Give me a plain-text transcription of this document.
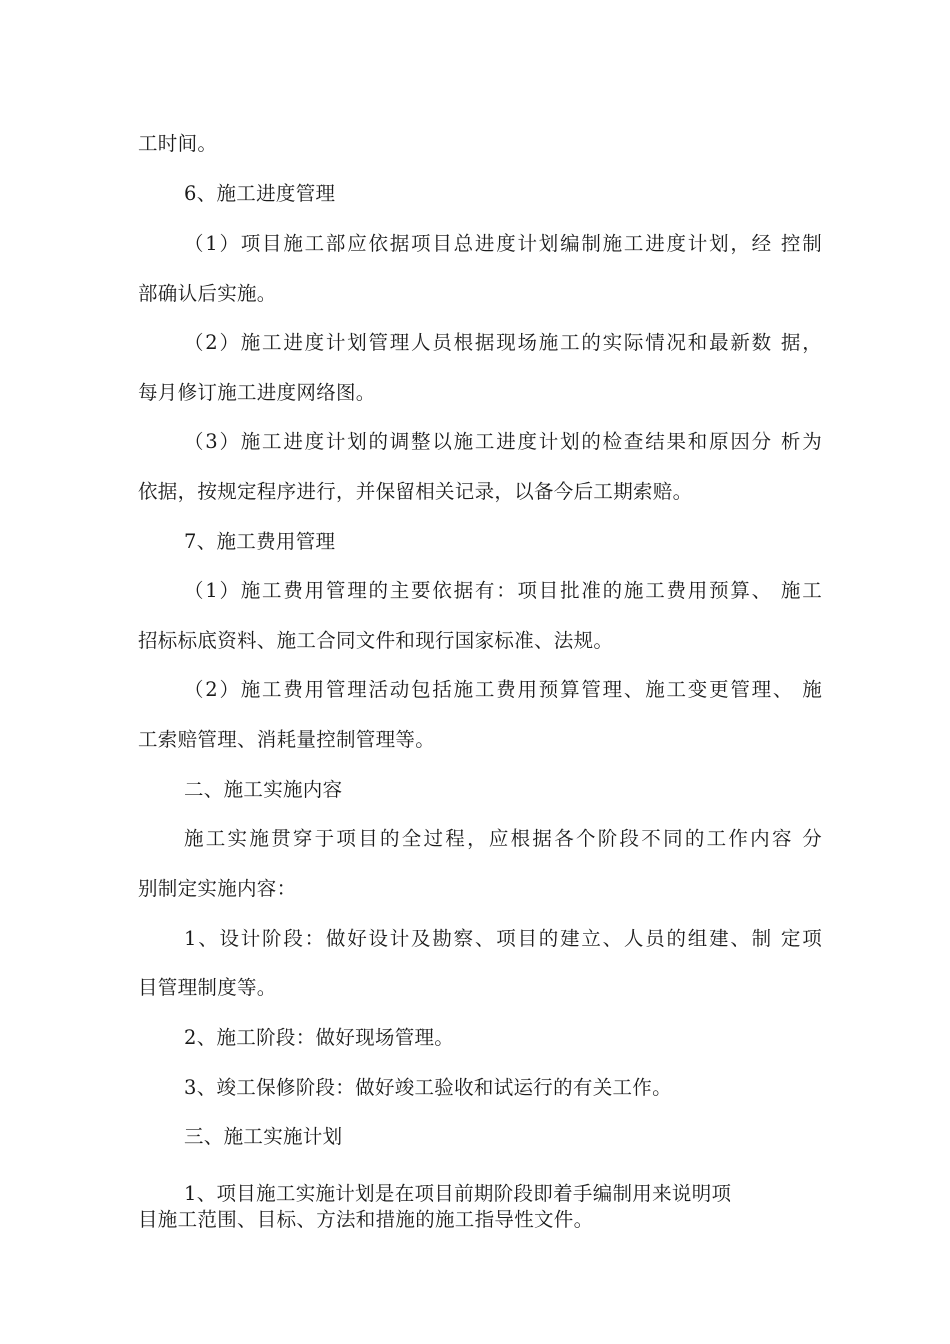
工时间。
6、施工进度管理
（1）项目施工部应依据项目总进度计划编制施工进度计划，经 控制
部确认后实施。
（2）施工进度计划管理人员根据现场施工的实际情况和最新数 据，
每月修订施工进度网络图。
（3）施工进度计划的调整以施工进度计划的检查结果和原因分 析为
依据，按规定程序进行，并保留相关记录，以备今后工期索赔。
7、施工费用管理
（1）施工费用管理的主要依据有：项目批准的施工费用预算、 施工
招标标底资料、施工合同文件和现行国家标准、法规。
（2）施工费用管理活动包括施工费用预算管理、施工变更管理、 施
工索赔管理、消耗量控制管理等。
二、施工实施内容
施工实施贯穿于项目的全过程，应根据各个阶段不同的工作内容 分
别制定实施内容：
1、设计阶段：做好设计及勘察、项目的建立、人员的组建、制 定项
目管理制度等。
2、施工阶段：做好现场管理。
3、竣工保修阶段：做好竣工验收和试运行的有关工作。
三、施工实施计划
1、项目施工实施计划是在项目前期阶段即着手编制用来说明项
目施工范围、目标、方法和措施的施工指导性文件。
